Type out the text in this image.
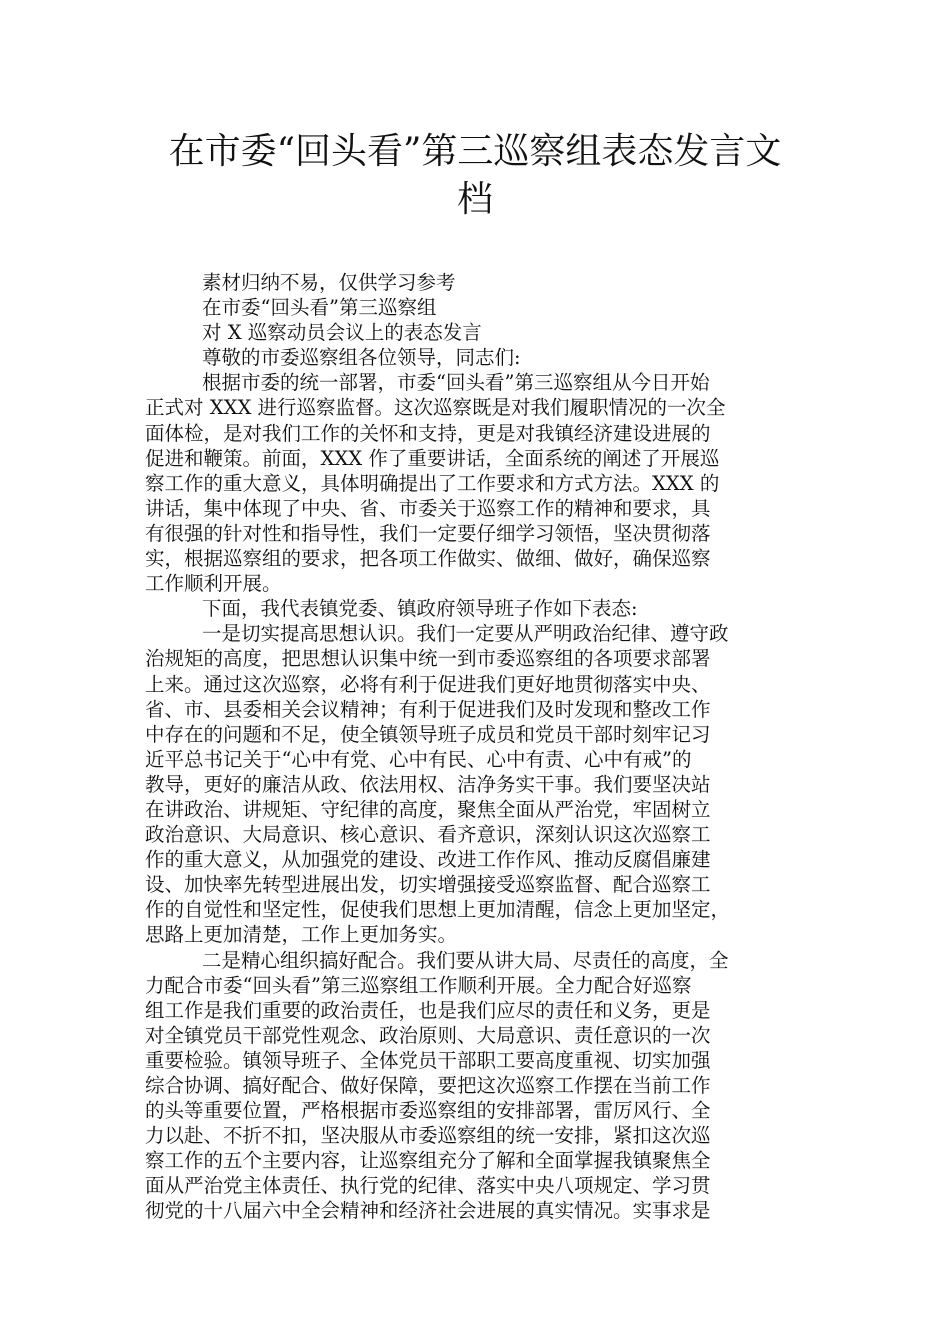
在市委“回头看”第三巡察组表态发言文
档
素材归纳不易，仅供学习参考
在市委“回头看”第三巡察组
对 X 巡察动员会议上的表态发言
尊敬的市委巡察组各位领导，同志们:
根据市委的统一部署，市委“回头看”第三巡察组从今日开始
正式对 XXX 进行巡察监督。这次巡察既是对我们履职情况的一次全
面体检，是对我们工作的关怀和支持，更是对我镇经济建设进展的
促进和鞭策。前面，XXX 作了重要讲话，全面系统的阐述了开展巡
察工作的重大意义，具体明确提出了工作要求和方式方法。XXX 的
讲话，集中体现了中央、省、市委关于巡察工作的精神和要求，具
有很强的针对性和指导性，我们一定要仔细学习领悟，坚决贯彻落
实，根据巡察组的要求，把各项工作做实、做细、做好，确保巡察
工作顺利开展。
下面，我代表镇党委、镇政府领导班子作如下表态:
一是切实提高思想认识。我们一定要从严明政治纪律、遵守政
治规矩的高度，把思想认识集中统一到市委巡察组的各项要求部署
上来。通过这次巡察，必将有利于促进我们更好地贯彻落实中央、
省、市、县委相关会议精神；有利于促进我们及时发现和整改工作
中存在的问题和不足，使全镇领导班子成员和党员干部时刻牢记习
近平总书记关于“心中有党、心中有民、心中有责、心中有戒”的
教导，更好的廉洁从政、依法用权、洁净务实干事。我们要坚决站
在讲政治、讲规矩、守纪律的高度，聚焦全面从严治党，牢固树立
政治意识、大局意识、核心意识、看齐意识，深刻认识这次巡察工
作的重大意义，从加强党的建设、改进工作作风、推动反腐倡廉建
设、加快率先转型进展出发，切实增强接受巡察监督、配合巡察工
作的自觉性和坚定性，促使我们思想上更加清醒，信念上更加坚定，
思路上更加清楚，工作上更加务实。
二是精心组织搞好配合。我们要从讲大局、尽责任的高度，全
力配合市委“回头看”第三巡察组工作顺利开展。全力配合好巡察
组工作是我们重要的政治责任，也是我们应尽的责任和义务，更是
对全镇党员干部党性观念、政治原则、大局意识、责任意识的一次
重要检验。镇领导班子、全体党员干部职工要高度重视、切实加强
综合协调、搞好配合、做好保障，要把这次巡察工作摆在当前工作
的头等重要位置，严格根据市委巡察组的安排部署，雷厉风行、全
力以赴、不折不扣，坚决服从市委巡察组的统一安排，紧扣这次巡
察工作的五个主要内容，让巡察组充分了解和全面掌握我镇聚焦全
面从严治党主体责任、执行党的纪律、落实中央八项规定、学习贯
彻党的十八届六中全会精神和经济社会进展的真实情况。实事求是
